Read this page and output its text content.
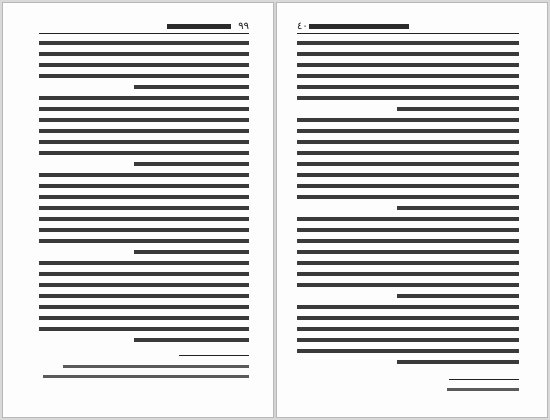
٩٩	٤٠
